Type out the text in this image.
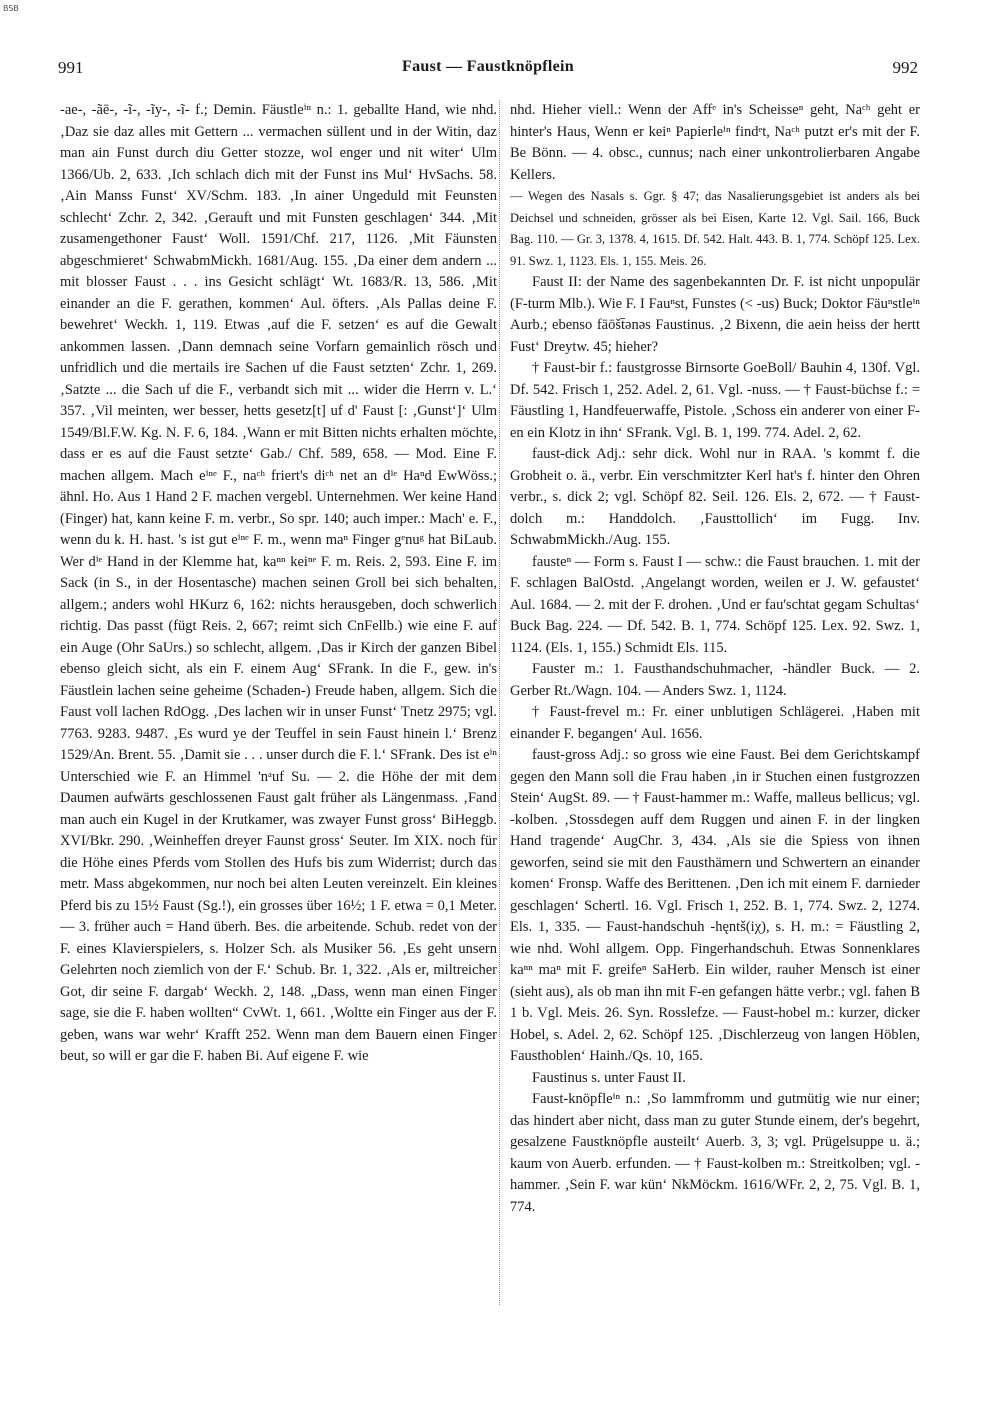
BSB
991	Faust — Faustknöpflein	992

-ae-, -ãē-, -ĩ-, -ĩy-, -ĩ- f.; Demin. Fäustleⁱⁿ n.: 1. geballte Hand, wie nhd. ‚Daz sie daz alles mit Gettern ... vermachen süllent und in der Witin, daz man ain Funst durch diu Getter stozze, wol enger und nit witer‘ Ulm 1366/Ub. 2, 633. ‚Ich schlach dich mit der Funst ins Mul‘ HvSachs. 58. ‚Ain Manss Funst‘ XV/Schm. 183. ‚In ainer Ungeduld mit Feunsten schlecht‘ Zchr. 2, 342. ‚Gerauft und mit Funsten geschlagen‘ 344. ‚Mit zusamengethoner Faust‘ Woll. 1591/Chf. 217, 1126. ‚Mit Fäunsten abgeschmieret‘ SchwabmMickh. 1681/Aug. 155. ‚Da einer dem andern ... mit blosser Faust . . . ins Gesicht schlägt‘ Wt. 1683/R. 13, 586. ‚Mit einander an die F. gerathen, kommen‘ Aul. öfters. ‚Als Pallas deine F. bewehret‘ Weckh. 1, 119. Etwas ‚auf die F. setzen‘ es auf die Gewalt ankommen lassen. ‚Dann demnach seine Vorfarn gemainlich rösch und unfridlich und die mertails ire Sachen uf die Faust setzten‘ Zchr. 1, 269. ‚Satzte ... die Sach uf die F., verbandt sich mit ... wider die Herrn v. L.‘ 357. ‚Vil meinten, wer besser, hetts gesetz[t] uf d' Faust [: ‚Gunst‘]‘ Ulm 1549/Bl.F.W. Kg. N. F. 6, 184. ‚Wann er mit Bitten nichts erhalten möchte, dass er es auf die Faust setzte‘ Gab./ Chf. 589, 658. — Mod. Eine F. machen allgem. Mach eⁱⁿᵉ F., naᶜʰ friert's diᶜʰ net an dⁱᵉ Haⁿd EwWöss.; ähnl. Ho. Aus 1 Hand 2 F. machen vergebl. Unternehmen. Wer keine Hand (Finger) hat, kann keine F. m. verbr., So spr. 140; auch imper.: Mach' e. F., wenn du k. H. hast. 's ist gut eⁱⁿᵉ F. m., wenn maⁿ Finger gᵉnuᵍ hat BiLaub. Wer dⁱᵉ Hand in der Klemme hat, kaⁿⁿ keiⁿᵉ F. m. Reis. 2, 593. Eine F. im Sack (in S., in der Hosentasche) machen seinen Groll bei sich behalten, allgem.; anders wohl HKurz 6, 162: nichts herausgeben, doch schwerlich richtig. Das passt (fügt Reis. 2, 667; reimt sich CnFellb.) wie eine F. auf ein Auge (Ohr SaUrs.) so schlecht, allgem. ‚Das ir Kirch der ganzen Bibel ebenso gleich sicht, als ein F. einem Aug‘ SFrank. In die F., gew. in's Fäustlein lachen seine geheime (Schaden-) Freude haben, allgem. Sich die Faust voll lachen RdOgg. ‚Des lachen wir in unser Funst‘ Tnetz 2975; vgl. 7763. 9283. 9487. ‚Es wurd ye der Teuffel in sein Faust hinein l.‘ Brenz 1529/An. Brent. 55. ‚Damit sie . . . unser durch die F. l.‘ SFrank. Des ist eⁱⁿ Unterschied wie F. an Himmel 'nᵃuf Su. — 2. die Höhe der mit dem Daumen aufwärts geschlossenen Faust galt früher als Längenmass. ‚Fand man auch ein Kugel in der Krutkamer, was zwayer Funst gross‘ BiHeggb. XVI/Bkr. 290. ‚Weinheffen dreyer Faunst gross‘ Seuter. Im XIX. noch für die Höhe eines Pferds vom Stollen des Hufs bis zum Widerrist; durch das metr. Mass abgekommen, nur noch bei alten Leuten vereinzelt. Ein kleines Pferd bis zu 15½ Faust (Sg.!), ein grosses über 16½; 1 F. etwa = 0,1 Meter. — 3. früher auch = Hand überh. Bes. die arbeitende. Schub. redet von der F. eines Klavierspielers, s. Holzer Sch. als Musiker 56. ‚Es geht unsern Gelehrten noch ziemlich von der F.‘ Schub. Br. 1, 322. ‚Als er, miltreicher Got, dir seine F. dargab‘ Weckh. 2, 148. „Dass, wenn man einen Finger sage, sie die F. haben wollten“ CvWt. 1, 661. ‚Woltte ein Finger aus der F. geben, wans war wehr‘ Krafft 252. Wenn man dem Bauern einen Finger beut, so will er gar die F. haben Bi. Auf eigene F. wie

nhd. Hieher viell.: Wenn der Affᵉ in's Scheisseⁿ geht, Naᶜʰ geht er hinter's Haus, Wenn er keiⁿ Papierleⁱⁿ findᵉt, Naᶜʰ putzt er's mit der F. Be Bönn. — 4. obsc., cunnus; nach einer unkontrolierbaren Angabe Kellers.

— Wegen des Nasals s. Ggr. § 47; das Nasalierungsgebiet ist anders als bei Deichsel und schneiden, grösser als bei Eisen, Karte 12. Vgl. Sail. 166, Buck Bag. 110. — Gr. 3, 1378. 4, 1615. Df. 542. Halt. 443. B. 1, 774. Schöpf 125. Lex. 91. Swz. 1, 1123. Els. 1, 155. Meis. 26.

Faust II: der Name des sagenbekannten Dr. F. ist nicht unpopulär (F-turm Mlb.). Wie F. I Fauⁿst, Funstes (< -us) Buck; Doktor Fäuⁿstleⁱⁿ Aurb.; ebenso fāōšt̄ənəs Faustinus. ‚2 Bixenn, die aein heiss der hertt Fust‘ Dreytw. 45; hieher?

† Faust-bir f.: faustgrosse Birnsorte GoeBoll/ Bauhin 4, 130f. Vgl. Df. 542. Frisch 1, 252. Adel. 2, 61. Vgl. -nuss. — † Faust-büchse f.: = Fäustling 1, Handfeuerwaffe, Pistole. ‚Schoss ein anderer von einer F-en ein Klotz in ihn‘ SFrank. Vgl. B. 1, 199. 774. Adel. 2, 62.

faust-dick Adj.: sehr dick. Wohl nur in RAA. 's kommt f. die Grobheit o. ä., verbr. Ein verschmitzter Kerl hat's f. hinter den Ohren verbr., s. dick 2; vgl. Schöpf 82. Seil. 126. Els. 2, 672. — † Faust-dolch m.: Handdolch. ‚Fausttollich‘ im Fugg. Inv. SchwabmMickh./Aug. 155.

fausteⁿ — Form s. Faust I — schw.: die Faust brauchen. 1. mit der F. schlagen BalOstd. ‚Angelangt worden, weilen er J. W. gefaustet‘ Aul. 1684. — 2. mit der F. drohen. ‚Und er fau'schtat gegam Schultas‘ Buck Bag. 224. — Df. 542. B. 1, 774. Schöpf 125. Lex. 92. Swz. 1, 1124. (Els. 1, 155.) Schmidt Els. 115.

Fauster m.: 1. Fausthandschuhmacher, -händler Buck. — 2. Gerber Rt./Wagn. 104. — Anders Swz. 1, 1124.

† Faust-frevel m.: Fr. einer unblutigen Schlägerei. ‚Haben mit einander F. begangen‘ Aul. 1656.

faust-gross Adj.: so gross wie eine Faust. Bei dem Gerichtskampf gegen den Mann soll die Frau haben ‚in ir Stuchen einen fustgrozzen Stein‘ AugSt. 89. — † Faust-hammer m.: Waffe, malleus bellicus; vgl. -kolben. ‚Stossdegen auff dem Ruggen und ainen F. in der lingken Hand tragende‘ AugChr. 3, 434. ‚Als sie die Spiess von ihnen geworfen, seind sie mit den Fausthämern und Schwertern an einander komen‘ Fronsp. Waffe des Berittenen. ‚Den ich mit einem F. darnieder geschlagen‘ Schertl. 16. Vgl. Frisch 1, 252. B. 1, 774. Swz. 2, 1274. Els. 1, 335. — Faust-handschuh -hęntš(iχ), s. H. m.: = Fäustling 2, wie nhd. Wohl allgem. Opp. Fingerhandschuh. Etwas Sonnenklares kaⁿⁿ maⁿ mit F. greifeⁿ SaHerb. Ein wilder, rauher Mensch ist einer (sieht aus), als ob man ihn mit F-en gefangen hätte verbr.; vgl. fahen B 1 b. Vgl. Meis. 26. Syn. Rosslefze. — Faust-hobel m.: kurzer, dicker Hobel, s. Adel. 2, 62. Schöpf 125. ‚Dischlerzeug von langen Höblen, Fausthoblen‘ Hainh./Qs. 10, 165.

Faustinus s. unter Faust II.

Faust-knöpfleⁱⁿ n.: ‚So lammfromm und gutmütig wie nur einer; das hindert aber nicht, dass man zu guter Stunde einem, der's begehrt, gesalzene Faustknöpfle austeilt‘ Auerb. 3, 3; vgl. Prügelsuppe u. ä.; kaum von Auerb. erfunden. — † Faust-kolben m.: Streitkolben; vgl. -hammer. ‚Sein F. war kün‘ NkMöckm. 1616/WFr. 2, 2, 75. Vgl. B. 1, 774.
